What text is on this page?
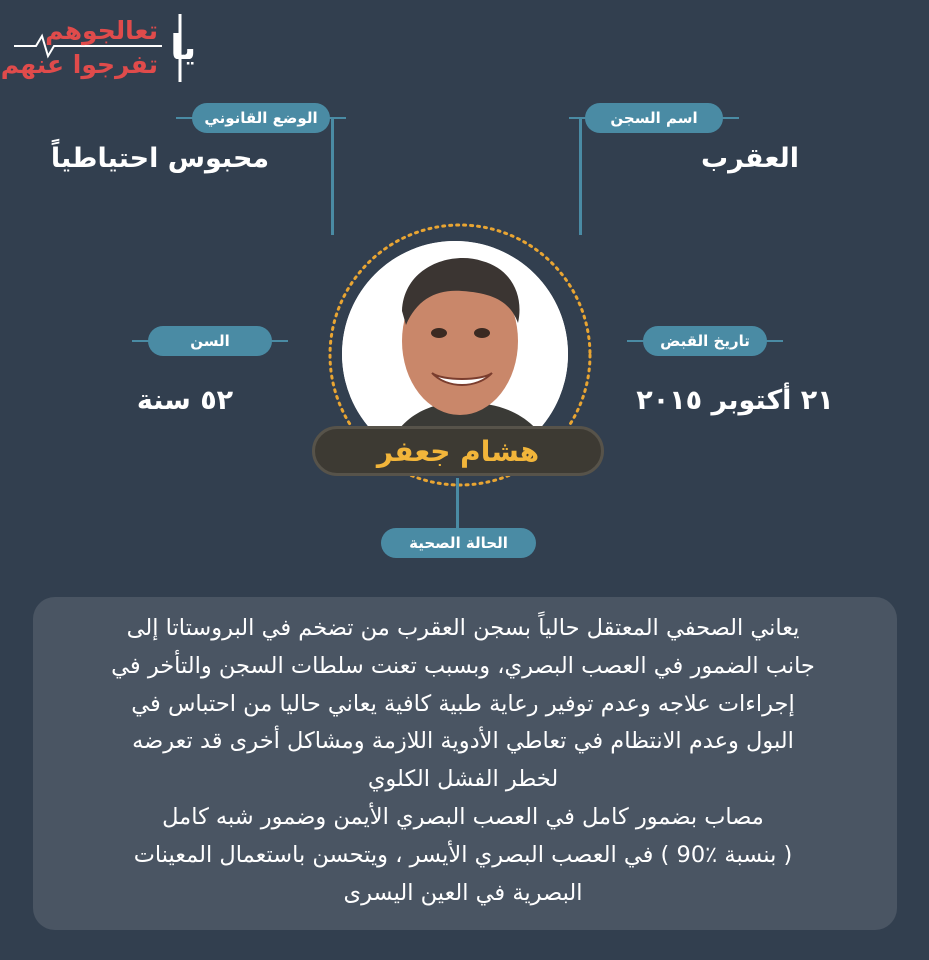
تعالجوهم
تفرجوا عنهم يا
الوضع القانوني
محبوس احتياطياً
اسم السجن
العقرب
السن
٥٢ سنة
تاريخ القبض
٢١ أكتوبر ٢٠١٥
هشام جعفر
الحالة الصحية

يعاني الصحفي المعتقل حالياً بسجن العقرب من تضخم في البروستاتا إلى

جانب الضمور في العصب البصري، وبسبب تعنت سلطات السجن والتأخر في

إجراءات علاجه وعدم توفير رعاية طبية كافية يعاني حاليا من احتباس في

البول وعدم الانتظام في تعاطي الأدوية اللازمة ومشاكل أخرى قد تعرضه

لخطر الفشل الكلوي

مصاب بضمور كامل في العصب البصري الأيمن وضمور شبه كامل

( بنسبة ٪90 ) في العصب البصري الأيسر ، ويتحسن باستعمال المعينات

البصرية في العين اليسرى
